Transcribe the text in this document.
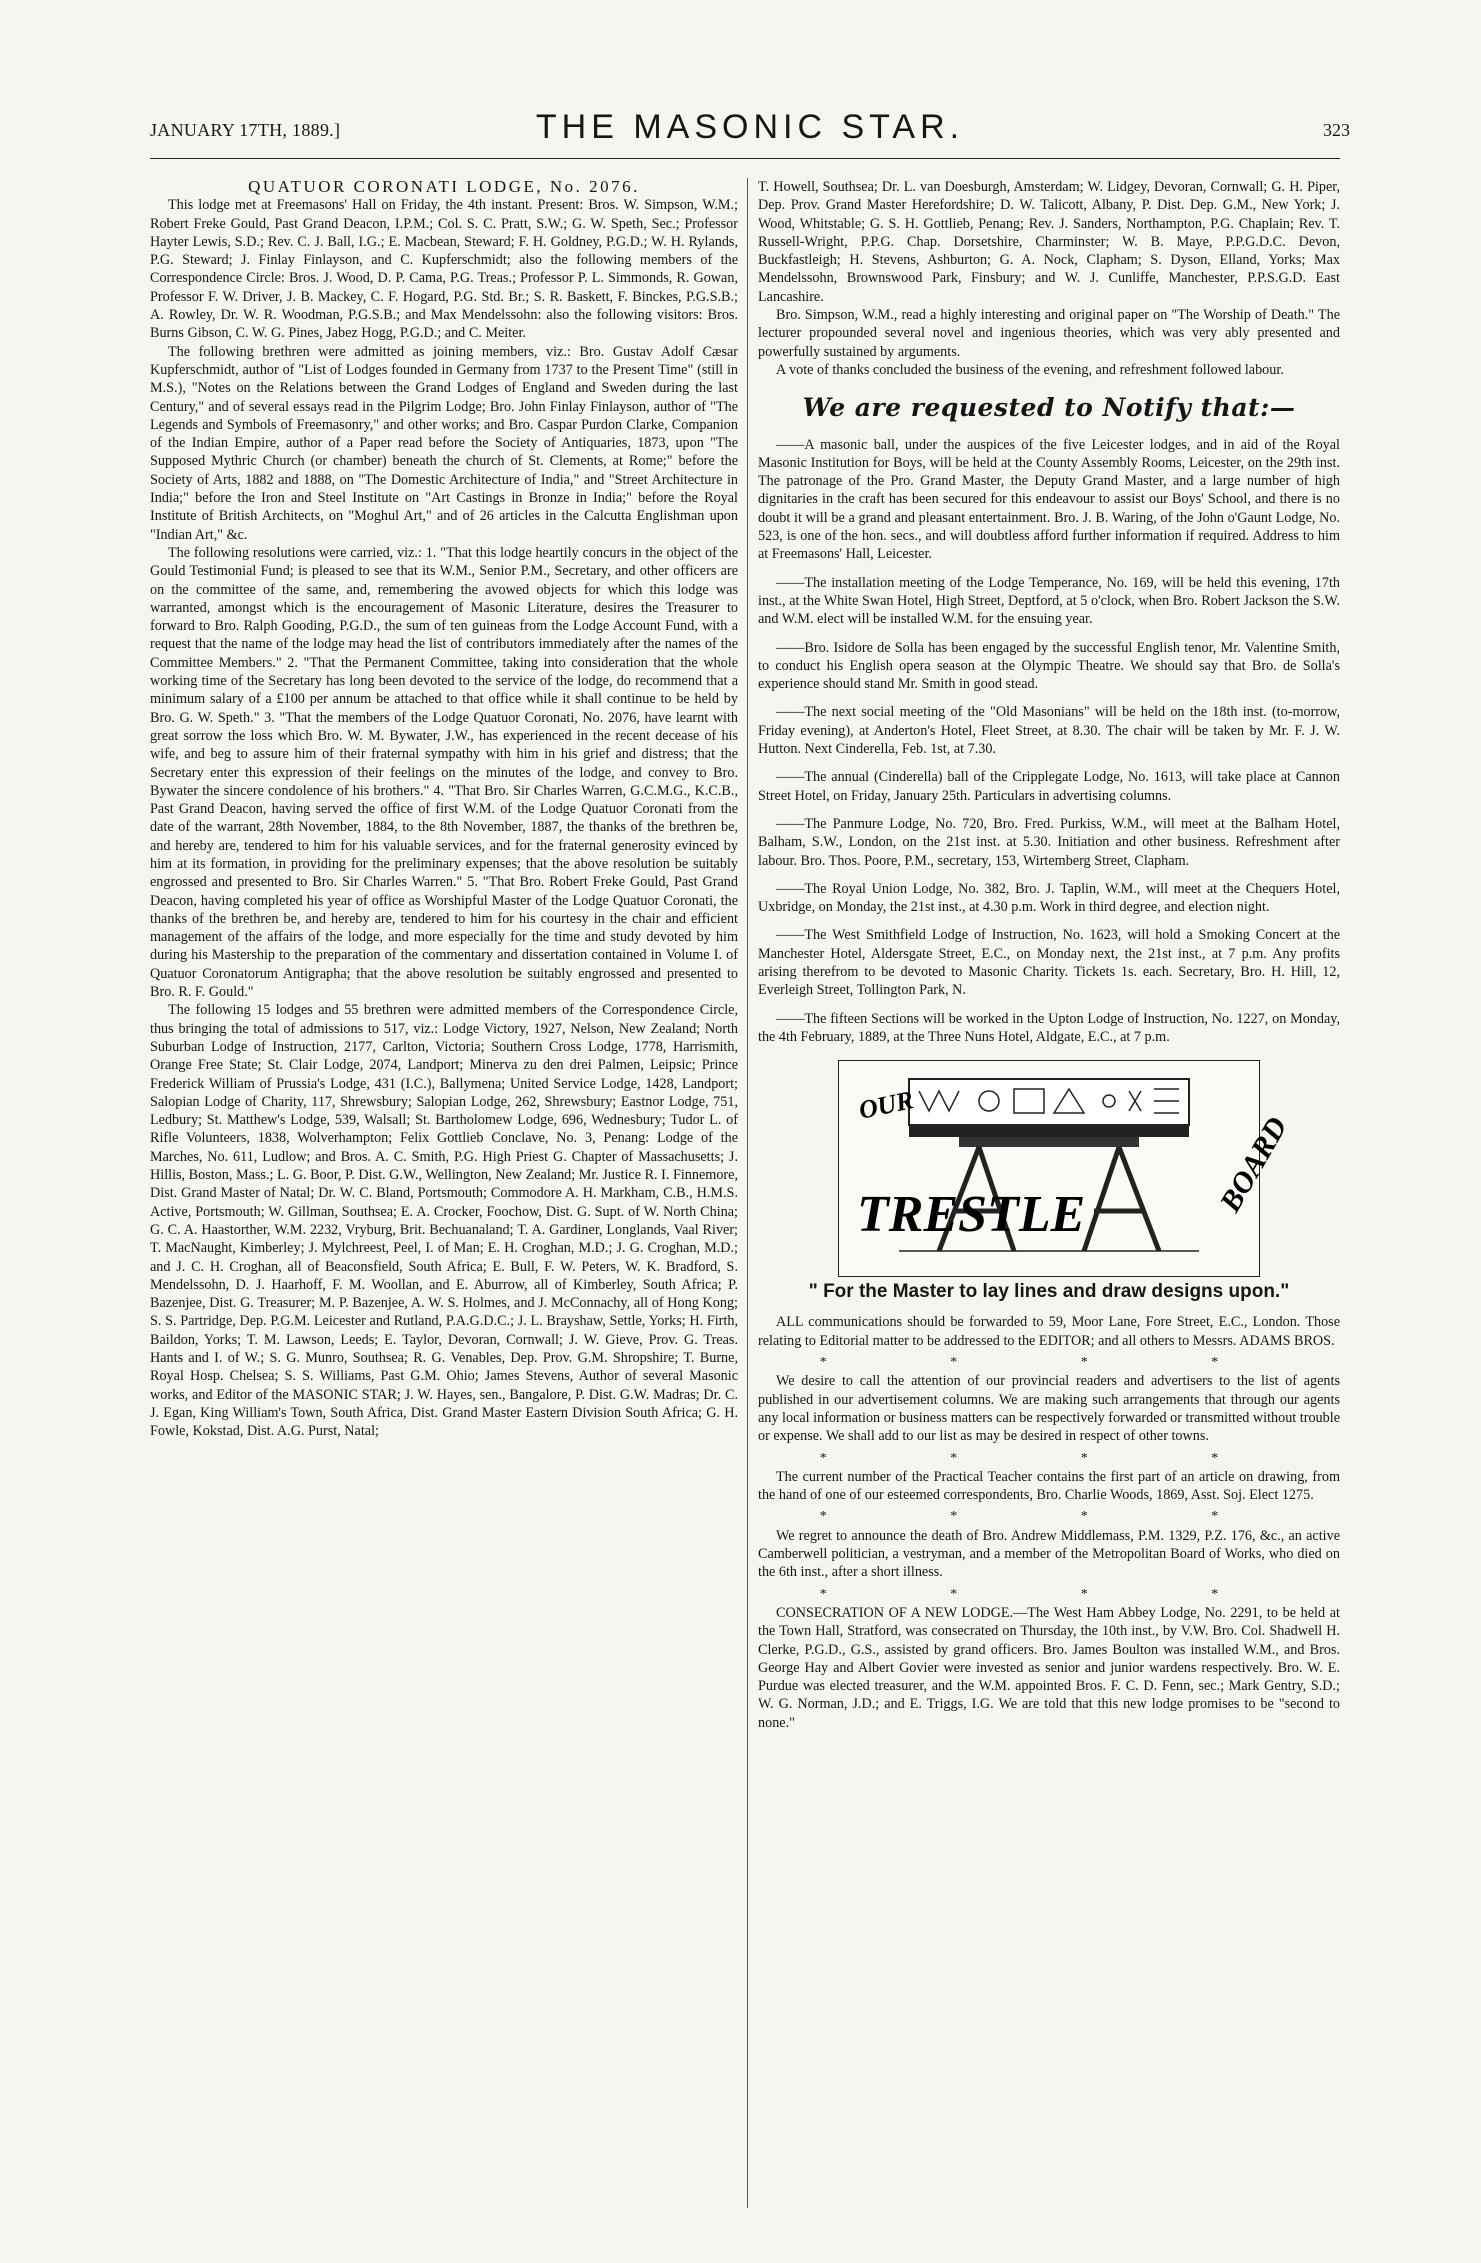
JANUARY 17TH, 1889.]	THE MASONIC STAR.	323

QUATUOR CORONATI LODGE, No. 2076.

This lodge met at Freemasons' Hall on Friday, the 4th instant. Present: Bros. W. Simpson, W.M.; Robert Freke Gould, Past Grand Deacon, I.P.M.; Col. S. C. Pratt, S.W.; G. W. Speth, Sec.; Professor Hayter Lewis, S.D.; Rev. C. J. Ball, I.G.; E. Macbean, Steward; F. H. Goldney, P.G.D.; W. H. Rylands, P.G. Steward; J. Finlay Finlayson, and C. Kupferschmidt; also the following members of the Correspondence Circle: Bros. J. Wood, D. P. Cama, P.G. Treas.; Professor P. L. Simmonds, R. Gowan, Professor F. W. Driver, J. B. Mackey, C. F. Hogard, P.G. Std. Br.; S. R. Baskett, F. Binckes, P.G.S.B.; A. Rowley, Dr. W. R. Woodman, P.G.S.B.; and Max Mendelssohn: also the following visitors: Bros. Burns Gibson, C. W. G. Pines, Jabez Hogg, P.G.D.; and C. Meiter.

The following brethren were admitted as joining members, viz.: Bro. Gustav Adolf Cæsar Kupferschmidt, author of "List of Lodges founded in Germany from 1737 to the Present Time" (still in M.S.), "Notes on the Relations between the Grand Lodges of England and Sweden during the last Century," and of several essays read in the Pilgrim Lodge; Bro. John Finlay Finlayson, author of "The Legends and Symbols of Freemasonry," and other works; and Bro. Caspar Purdon Clarke, Companion of the Indian Empire, author of a Paper read before the Society of Antiquaries, 1873, upon "The Supposed Mythric Church (or chamber) beneath the church of St. Clements, at Rome;" before the Society of Arts, 1882 and 1888, on "The Domestic Architecture of India," and "Street Architecture in India;" before the Iron and Steel Institute on "Art Castings in Bronze in India;" before the Royal Institute of British Architects, on "Moghul Art," and of 26 articles in the Calcutta Englishman upon "Indian Art," &c.

The following resolutions were carried, viz.: 1. "That this lodge heartily concurs in the object of the Gould Testimonial Fund; is pleased to see that its W.M., Senior P.M., Secretary, and other officers are on the committee of the same, and, remembering the avowed objects for which this lodge was warranted, amongst which is the encouragement of Masonic Literature, desires the Treasurer to forward to Bro. Ralph Gooding, P.G.D., the sum of ten guineas from the Lodge Account Fund, with a request that the name of the lodge may head the list of contributors immediately after the names of the Committee Members." 2. "That the Permanent Committee, taking into consideration that the whole working time of the Secretary has long been devoted to the service of the lodge, do recommend that a minimum salary of a £100 per annum be attached to that office while it shall continue to be held by Bro. G. W. Speth." 3. "That the members of the Lodge Quatuor Coronati, No. 2076, have learnt with great sorrow the loss which Bro. W. M. Bywater, J.W., has experienced in the recent decease of his wife, and beg to assure him of their fraternal sympathy with him in his grief and distress; that the Secretary enter this expression of their feelings on the minutes of the lodge, and convey to Bro. Bywater the sincere condolence of his brothers." 4. "That Bro. Sir Charles Warren, G.C.M.G., K.C.B., Past Grand Deacon, having served the office of first W.M. of the Lodge Quatuor Coronati from the date of the warrant, 28th November, 1884, to the 8th November, 1887, the thanks of the brethren be, and hereby are, tendered to him for his valuable services, and for the fraternal generosity evinced by him at its formation, in providing for the preliminary expenses; that the above resolution be suitably engrossed and presented to Bro. Sir Charles Warren." 5. "That Bro. Robert Freke Gould, Past Grand Deacon, having completed his year of office as Worshipful Master of the Lodge Quatuor Coronati, the thanks of the brethren be, and hereby are, tendered to him for his courtesy in the chair and efficient management of the affairs of the lodge, and more especially for the time and study devoted by him during his Mastership to the preparation of the commentary and dissertation contained in Volume I. of Quatuor Coronatorum Antigrapha; that the above resolution be suitably engrossed and presented to Bro. R. F. Gould."

The following 15 lodges and 55 brethren were admitted members of the Correspondence Circle, thus bringing the total of admissions to 517, viz.: Lodge Victory, 1927, Nelson, New Zealand; North Suburban Lodge of Instruction, 2177, Carlton, Victoria; Southern Cross Lodge, 1778, Harrismith, Orange Free State; St. Clair Lodge, 2074, Landport; Minerva zu den drei Palmen, Leipsic; Prince Frederick William of Prussia's Lodge, 431 (I.C.), Ballymena; United Service Lodge, 1428, Landport; Salopian Lodge of Charity, 117, Shrewsbury; Salopian Lodge, 262, Shrewsbury; Eastnor Lodge, 751, Ledbury; St. Matthew's Lodge, 539, Walsall; St. Bartholomew Lodge, 696, Wednesbury; Tudor L. of Rifle Volunteers, 1838, Wolverhampton; Felix Gottlieb Conclave, No. 3, Penang: Lodge of the Marches, No. 611, Ludlow; and Bros. A. C. Smith, P.G. High Priest G. Chapter of Massachusetts; J. Hillis, Boston, Mass.; L. G. Boor, P. Dist. G.W., Wellington, New Zealand; Mr. Justice R. I. Finnemore, Dist. Grand Master of Natal; Dr. W. C. Bland, Portsmouth; Commodore A. H. Markham, C.B., H.M.S. Active, Portsmouth; W. Gillman, Southsea; E. A. Crocker, Foochow, Dist. G. Supt. of W. North China; G. C. A. Haastorther, W.M. 2232, Vryburg, Brit. Bechuanaland; T. A. Gardiner, Longlands, Vaal River; T. MacNaught, Kimberley; J. Mylchreest, Peel, I. of Man; E. H. Croghan, M.D.; J. G. Croghan, M.D.; and J. C. H. Croghan, all of Beaconsfield, South Africa; E. Bull, F. W. Peters, W. K. Bradford, S. Mendelssohn, D. J. Haarhoff, F. M. Woollan, and E. Aburrow, all of Kimberley, South Africa; P. Bazenjee, Dist. G. Treasurer; M. P. Bazenjee, A. W. S. Holmes, and J. McConnachy, all of Hong Kong; S. S. Partridge, Dep. P.G.M. Leicester and Rutland, P.A.G.D.C.; J. L. Brayshaw, Settle, Yorks; H. Firth, Baildon, Yorks; T. M. Lawson, Leeds; E. Taylor, Devoran, Cornwall; J. W. Gieve, Prov. G. Treas. Hants and I. of W.; S. G. Munro, Southsea; R. G. Venables, Dep. Prov. G.M. Shropshire; T. Burne, Royal Hosp. Chelsea; S. S. Williams, Past G.M. Ohio; James Stevens, Author of several Masonic works, and Editor of the MASONIC STAR; J. W. Hayes, sen., Bangalore, P. Dist. G.W. Madras; Dr. C. J. Egan, King William's Town, South Africa, Dist. Grand Master Eastern Division South Africa; G. H. Fowle, Kokstad, Dist. A.G. Purst, Natal;

T. Howell, Southsea; Dr. L. van Doesburgh, Amsterdam; W. Lidgey, Devoran, Cornwall; G. H. Piper, Dep. Prov. Grand Master Herefordshire; D. W. Talicott, Albany, P. Dist. Dep. G.M., New York; J. Wood, Whitstable; G. S. H. Gottlieb, Penang; Rev. J. Sanders, Northampton, P.G. Chaplain; Rev. T. Russell-Wright, P.P.G. Chap. Dorsetshire, Charminster; W. B. Maye, P.P.G.D.C. Devon, Buckfastleigh; H. Stevens, Ashburton; G. A. Nock, Clapham; S. Dyson, Elland, Yorks; Max Mendelssohn, Brownswood Park, Finsbury; and W. J. Cunliffe, Manchester, P.P.S.G.D. East Lancashire.

Bro. Simpson, W.M., read a highly interesting and original paper on "The Worship of Death." The lecturer propounded several novel and ingenious theories, which was very ably presented and powerfully sustained by arguments.

A vote of thanks concluded the business of the evening, and refreshment followed labour.

We are requested to Notify that:—

——A masonic ball, under the auspices of the five Leicester lodges, and in aid of the Royal Masonic Institution for Boys, will be held at the County Assembly Rooms, Leicester, on the 29th inst. The patronage of the Pro. Grand Master, the Deputy Grand Master, and a large number of high dignitaries in the craft has been secured for this endeavour to assist our Boys' School, and there is no doubt it will be a grand and pleasant entertainment. Bro. J. B. Waring, of the John o'Gaunt Lodge, No. 523, is one of the hon. secs., and will doubtless afford further information if required. Address to him at Freemasons' Hall, Leicester.

——The installation meeting of the Lodge Temperance, No. 169, will be held this evening, 17th inst., at the White Swan Hotel, High Street, Deptford, at 5 o'clock, when Bro. Robert Jackson the S.W. and W.M. elect will be installed W.M. for the ensuing year.

——Bro. Isidore de Solla has been engaged by the successful English tenor, Mr. Valentine Smith, to conduct his English opera season at the Olympic Theatre. We should say that Bro. de Solla's experience should stand Mr. Smith in good stead.

——The next social meeting of the "Old Masonians" will be held on the 18th inst. (to-morrow, Friday evening), at Anderton's Hotel, Fleet Street, at 8.30. The chair will be taken by Mr. F. J. W. Hutton. Next Cinderella, Feb. 1st, at 7.30.

——The annual (Cinderella) ball of the Cripplegate Lodge, No. 1613, will take place at Cannon Street Hotel, on Friday, January 25th. Particulars in advertising columns.

——The Panmure Lodge, No. 720, Bro. Fred. Purkiss, W.M., will meet at the Balham Hotel, Balham, S.W., London, on the 21st inst. at 5.30. Initiation and other business. Refreshment after labour. Bro. Thos. Poore, P.M., secretary, 153, Wirtemberg Street, Clapham.

——The Royal Union Lodge, No. 382, Bro. J. Taplin, W.M., will meet at the Chequers Hotel, Uxbridge, on Monday, the 21st inst., at 4.30 p.m. Work in third degree, and election night.

——The West Smithfield Lodge of Instruction, No. 1623, will hold a Smoking Concert at the Manchester Hotel, Aldersgate Street, E.C., on Monday next, the 21st inst., at 7 p.m. Any profits arising therefrom to be devoted to Masonic Charity. Tickets 1s. each. Secretary, Bro. H. Hill, 12, Everleigh Street, Tollington Park, N.

——The fifteen Sections will be worked in the Upton Lodge of Instruction, No. 1227, on Monday, the 4th February, 1889, at the Three Nuns Hotel, Aldgate, E.C., at 7 p.m.

OUR
TRESTLE	BOARD
" For the Master to lay lines and draw designs upon."

ALL communications should be forwarded to 59, Moor Lane, Fore Street, E.C., London. Those relating to Editorial matter to be addressed to the EDITOR; and all others to Messrs. ADAMS BROS.

* * * *

We desire to call the attention of our provincial readers and advertisers to the list of agents published in our advertisement columns. We are making such arrangements that through our agents any local information or business matters can be respectively forwarded or transmitted without trouble or expense. We shall add to our list as may be desired in respect of other towns.

* * * *

The current number of the Practical Teacher contains the first part of an article on drawing, from the hand of one of our esteemed correspondents, Bro. Charlie Woods, 1869, Asst. Soj. Elect 1275.

* * * *

We regret to announce the death of Bro. Andrew Middlemass, P.M. 1329, P.Z. 176, &c., an active Camberwell politician, a vestryman, and a member of the Metropolitan Board of Works, who died on the 6th inst., after a short illness.

* * * *

CONSECRATION OF A NEW LODGE.—The West Ham Abbey Lodge, No. 2291, to be held at the Town Hall, Stratford, was consecrated on Thursday, the 10th inst., by V.W. Bro. Col. Shadwell H. Clerke, P.G.D., G.S., assisted by grand officers. Bro. James Boulton was installed W.M., and Bros. George Hay and Albert Govier were invested as senior and junior wardens respectively. Bro. W. E. Purdue was elected treasurer, and the W.M. appointed Bros. F. C. D. Fenn, sec.; Mark Gentry, S.D.; W. G. Norman, J.D.; and E. Triggs, I.G. We are told that this new lodge promises to be "second to none."
